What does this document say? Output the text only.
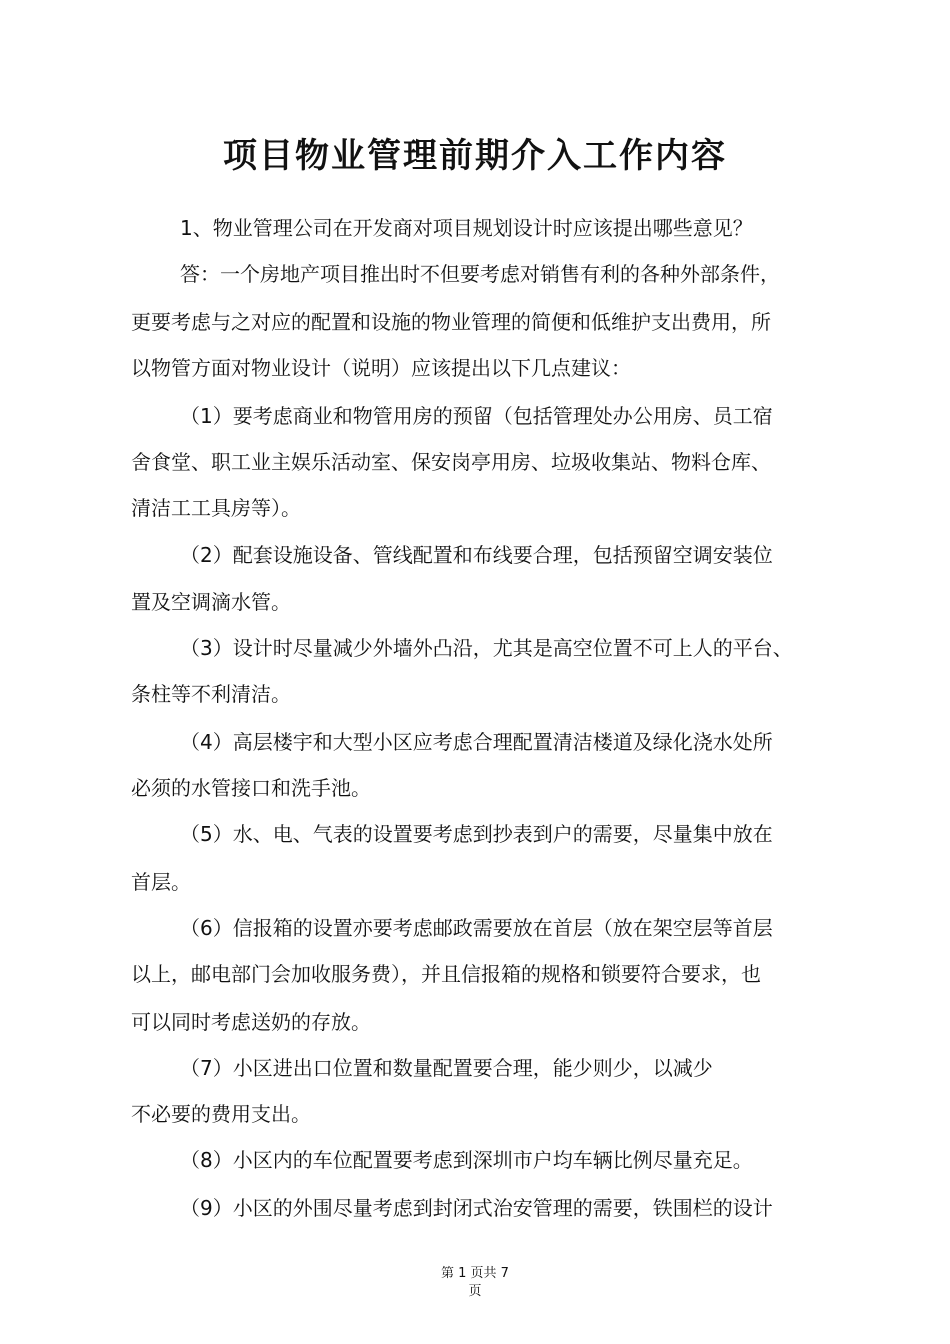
项目物业管理前期介入工作内容
1、物业管理公司在开发商对项目规划设计时应该提出哪些意见？
答：一个房地产项目推出时不但要考虑对销售有利的各种外部条件，
更要考虑与之对应的配置和设施的物业管理的简便和低维护支出费用，所
以物管方面对物业设计（说明）应该提出以下几点建议：
（1）要考虑商业和物管用房的预留（包括管理处办公用房、员工宿
舍食堂、职工业主娱乐活动室、保安岗亭用房、垃圾收集站、物料仓库、
清洁工工具房等）。
（2）配套设施设备、管线配置和布线要合理，包括预留空调安装位
置及空调滴水管。
（3）设计时尽量减少外墙外凸沿，尤其是高空位置不可上人的平台、
条柱等不利清洁。
（4）高层楼宇和大型小区应考虑合理配置清洁楼道及绿化浇水处所
必须的水管接口和洗手池。
（5）水、电、气表的设置要考虑到抄表到户的需要，尽量集中放在
首层。
（6）信报箱的设置亦要考虑邮政需要放在首层（放在架空层等首层
以上，邮电部门会加收服务费），并且信报箱的规格和锁要符合要求，也
可以同时考虑送奶的存放。
（7）小区进出口位置和数量配置要合理，能少则少，以减少
不必要的费用支出。
（8）小区内的车位配置要考虑到深圳市户均车辆比例尽量充足。
（9）小区的外围尽量考虑到封闭式治安管理的需要，铁围栏的设计
第 1 页共 7
页
